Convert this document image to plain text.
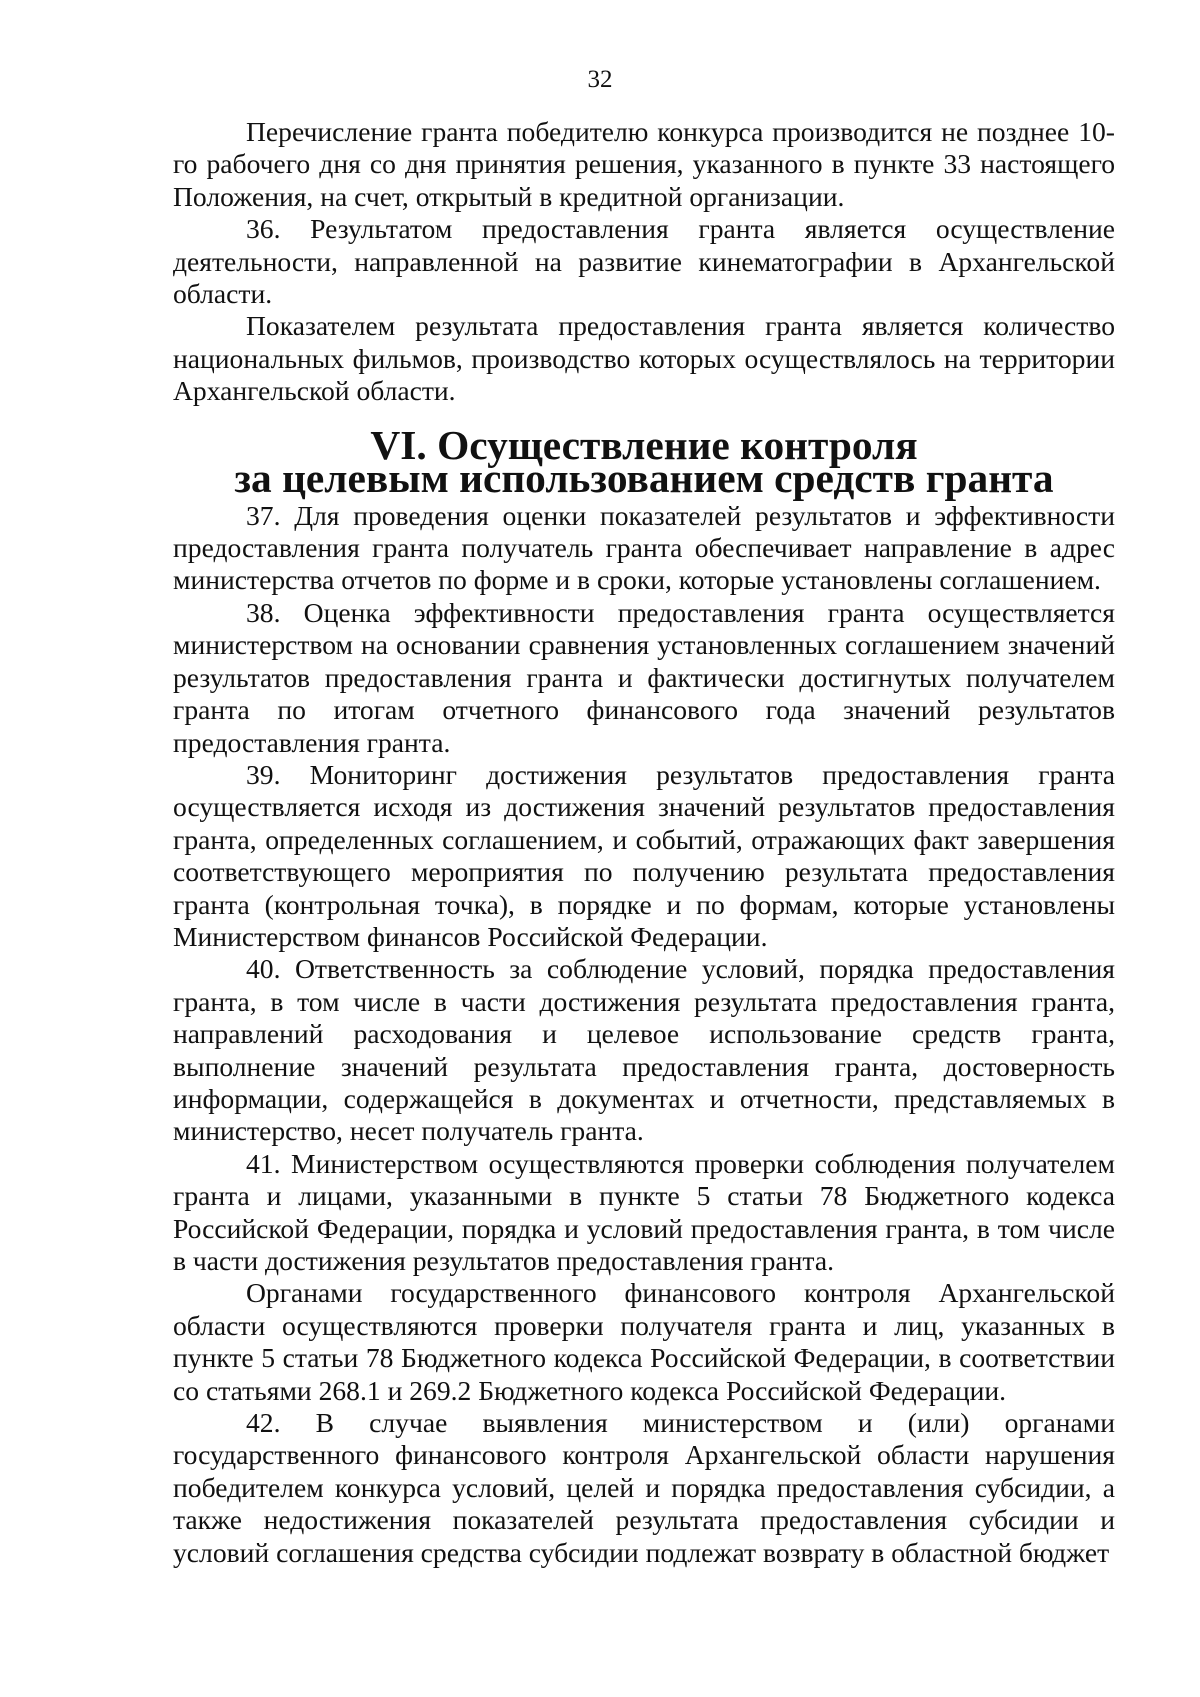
32

Перечисление гранта победителю конкурса производится не позднее 10-го рабочего дня со дня принятия решения, указанного в пункте 33 настоящего Положения, на счет, открытый в кредитной организации.

36. Результатом предоставления гранта является осуществление деятельности, направленной на развитие кинематографии в Архангельской области.

Показателем результата предоставления гранта является количество национальных фильмов, производство которых осуществлялось на территории Архангельской области.

VI. Осуществление контроля
за целевым использованием средств гранта

37. Для проведения оценки показателей результатов и эффективности предоставления гранта получатель гранта обеспечивает направление в адрес министерства отчетов по форме и в сроки, которые установлены соглашением.

38. Оценка эффективности предоставления гранта осуществляется министерством на основании сравнения установленных соглашением значений результатов предоставления гранта и фактически достигнутых получателем гранта по итогам отчетного финансового года значений результатов предоставления гранта.

39. Мониторинг достижения результатов предоставления гранта осуществляется исходя из достижения значений результатов предоставления гранта, определенных соглашением, и событий, отражающих факт завершения соответствующего мероприятия по получению результата предоставления гранта (контрольная точка), в порядке и по формам, которые установлены Министерством финансов Российской Федерации.

40. Ответственность за соблюдение условий, порядка предоставления гранта, в том числе в части достижения результата предоставления гранта, направлений расходования и целевое использование средств гранта, выполнение значений результата предоставления гранта, достоверность информации, содержащейся в документах и отчетности, представляемых в министерство, несет получатель гранта.

41. Министерством осуществляются проверки соблюдения получателем гранта и лицами, указанными в пункте 5 статьи 78 Бюджетного кодекса Российской Федерации, порядка и условий предоставления гранта, в том числе в части достижения результатов предоставления гранта.

Органами государственного финансового контроля Архангельской области осуществляются проверки получателя гранта и лиц, указанных в пункте 5 статьи 78 Бюджетного кодекса Российской Федерации, в соответствии со статьями 268.1 и 269.2 Бюджетного кодекса Российской Федерации.

42. В случае выявления министерством и (или) органами государственного финансового контроля Архангельской области нарушения победителем конкурса условий, целей и порядка предоставления субсидии, а также недостижения показателей результата предоставления субсидии и условий соглашения средства субсидии подлежат возврату в областной бюджет
